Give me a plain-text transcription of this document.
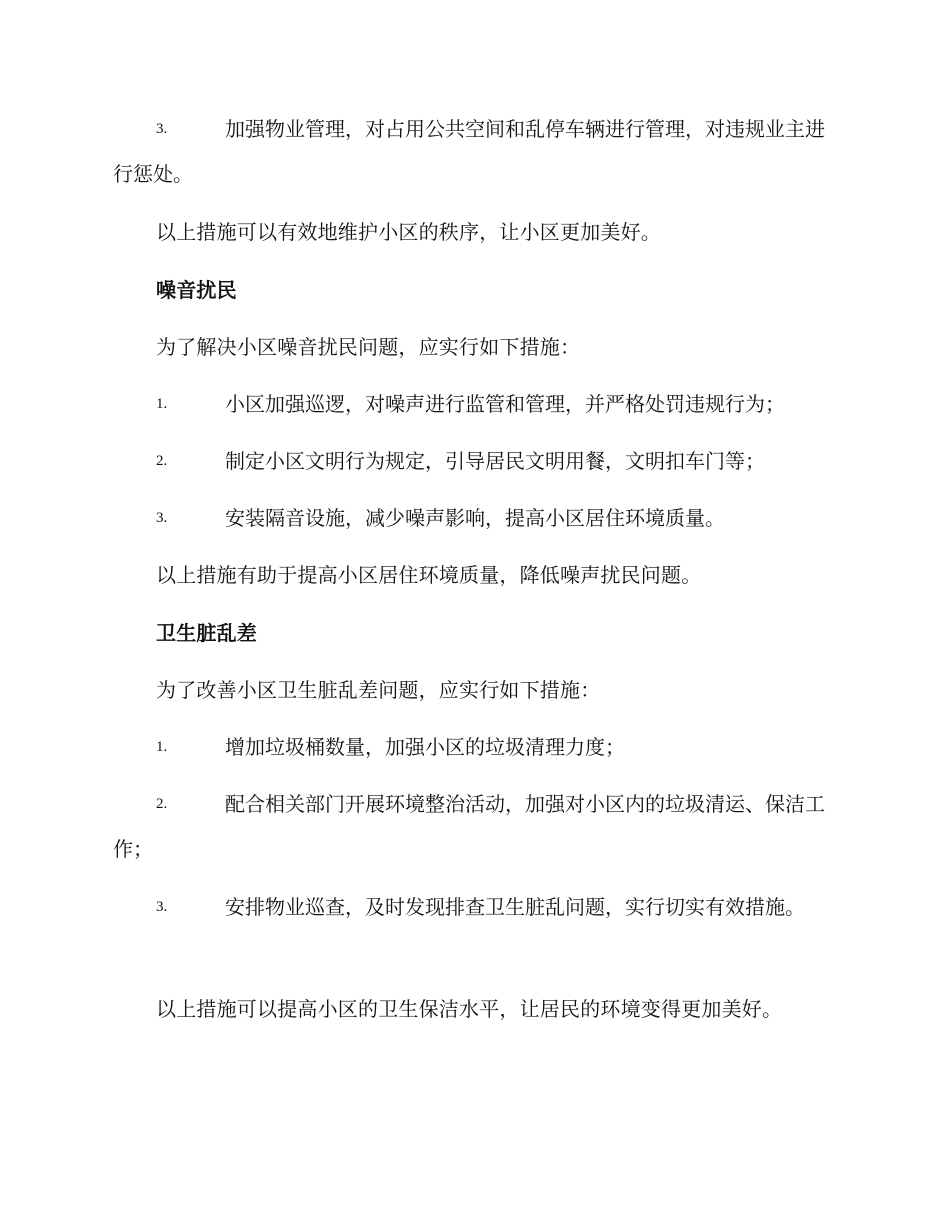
3.	加强物业管理，对占用公共空间和乱停车辆进行管理，对违规业主进行惩处。
以上措施可以有效地维护小区的秩序，让小区更加美好。
噪音扰民
为了解决小区噪音扰民问题，应实行如下措施：
1.	小区加强巡逻，对噪声进行监管和管理，并严格处罚违规行为；
2.	制定小区文明行为规定，引导居民文明用餐，文明扣车门等；
3.	安装隔音设施，减少噪声影响，提高小区居住环境质量。
以上措施有助于提高小区居住环境质量，降低噪声扰民问题。
卫生脏乱差
为了改善小区卫生脏乱差问题，应实行如下措施：
1.	增加垃圾桶数量，加强小区的垃圾清理力度；
2.	配合相关部门开展环境整治活动，加强对小区内的垃圾清运、保洁工作；
3.	安排物业巡查，及时发现排查卫生脏乱问题，实行切实有效措施。
以上措施可以提高小区的卫生保洁水平，让居民的环境变得更加美好。
